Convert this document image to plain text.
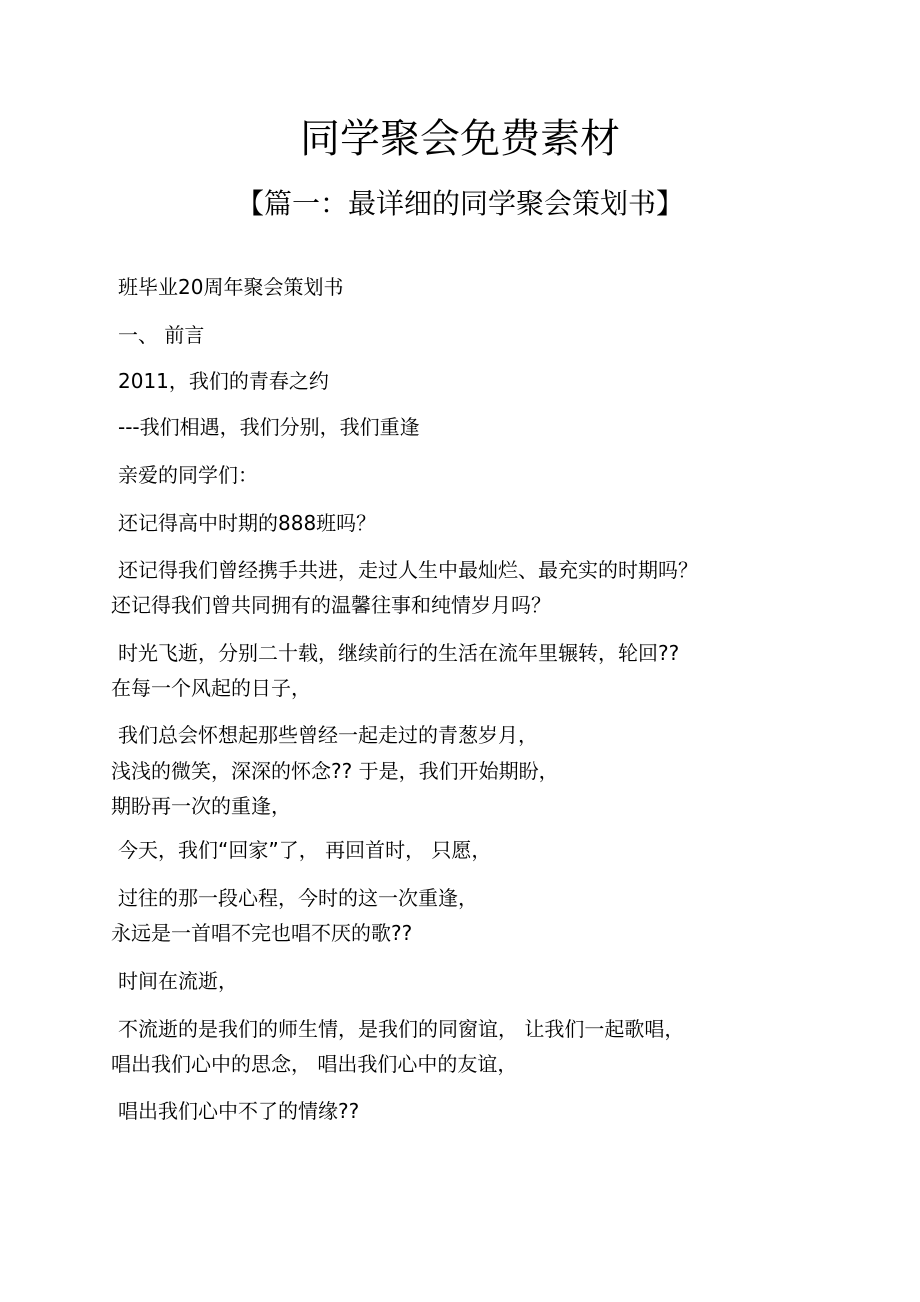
同学聚会免费素材
【篇一：最详细的同学聚会策划书】
班毕业20周年聚会策划书
一、 前言
2011，我们的青春之约
---我们相遇，我们分别，我们重逢
亲爱的同学们：
还记得高中时期的888班吗？
还记得我们曾经携手共进，走过人生中最灿烂、最充实的时期吗？
还记得我们曾共同拥有的温馨往事和纯情岁月吗？
时光飞逝，分别二十载，继续前行的生活在流年里辗转，轮回??
在每一个风起的日子，
我们总会怀想起那些曾经一起走过的青葱岁月，
浅浅的微笑，深深的怀念?? 于是，我们开始期盼，
期盼再一次的重逢，
今天，我们“回家”了， 再回首时， 只愿，
过往的那一段心程，今时的这一次重逢，
永远是一首唱不完也唱不厌的歌??
时间在流逝，
不流逝的是我们的师生情，是我们的同窗谊， 让我们一起歌唱，
唱出我们心中的思念， 唱出我们心中的友谊，
唱出我们心中不了的情缘??
